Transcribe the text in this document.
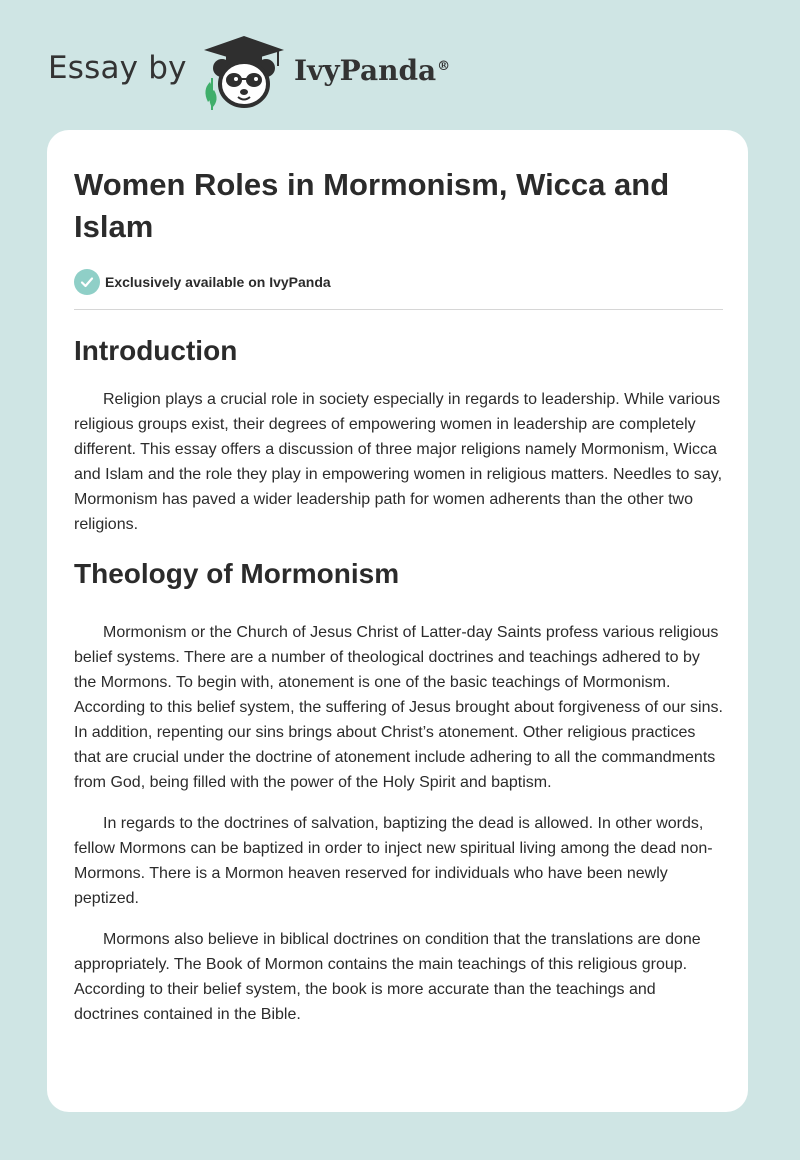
Essay by	IvyPanda®
Women Roles in Mormonism, Wicca and Islam
Exclusively available on IvyPanda
Introduction

Religion plays a crucial role in society especially in regards to leadership. While various religious groups exist, their degrees of empowering women in leadership are completely different. This essay offers a discussion of three major religions namely Mormonism, Wicca and Islam and the role they play in empowering women in religious matters. Needles to say, Mormonism has paved a wider leadership path for women adherents than the other two religions.

Theology of Mormonism

Mormonism or the Church of Jesus Christ of Latter-day Saints profess various religious belief systems. There are a number of theological doctrines and teachings adhered to by the Mormons. To begin with, atonement is one of the basic teachings of Mormonism. According to this belief system, the suffering of Jesus brought about forgiveness of our sins. In addition, repenting our sins brings about Christ’s atonement. Other religious practices that are crucial under the doctrine of atonement include adhering to all the commandments from God, being filled with the power of the Holy Spirit and baptism.

In regards to the doctrines of salvation, baptizing the dead is allowed. In other words, fellow Mormons can be baptized in order to inject new spiritual living among the dead non-Mormons. There is a Mormon heaven reserved for individuals who have been newly peptized.

Mormons also believe in biblical doctrines on condition that the translations are done appropriately. The Book of Mormon contains the main teachings of this religious group. According to their belief system, the book is more accurate than the teachings and doctrines contained in the Bible.
